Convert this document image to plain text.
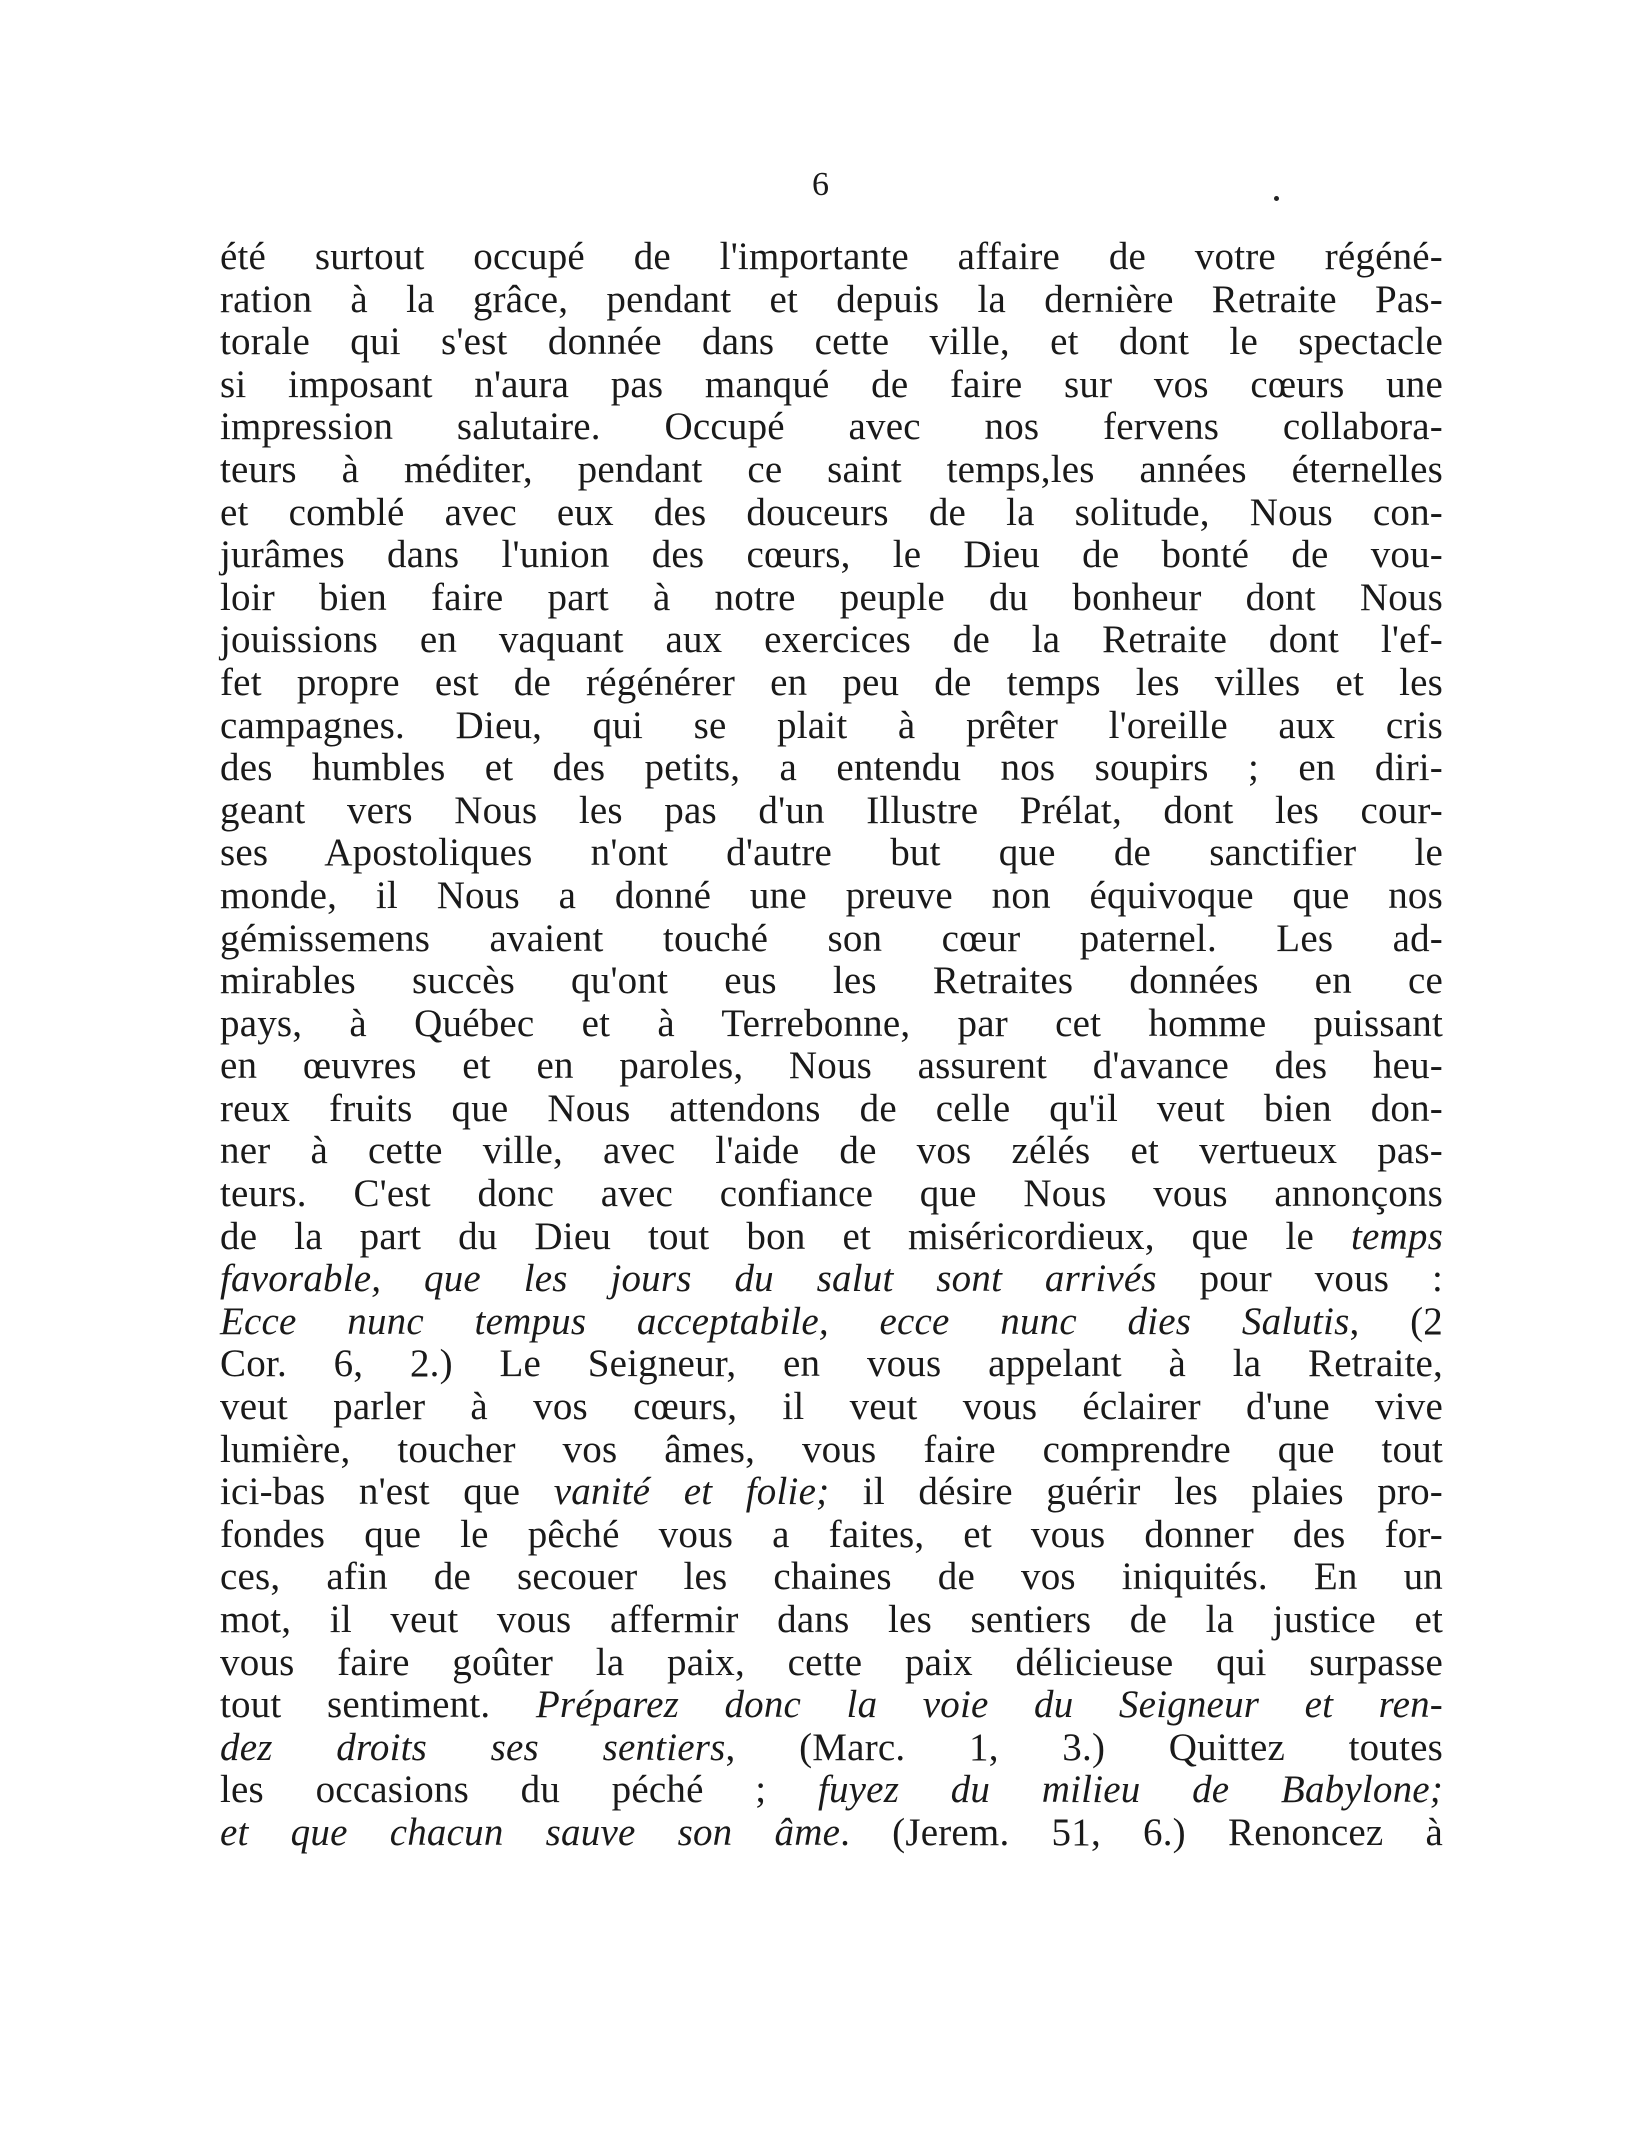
6
été surtout occupé de l'importante affaire de votre régéné-
ration à la grâce, pendant et depuis la dernière Retraite Pas-
torale qui s'est donnée dans cette ville, et dont le spectacle
si imposant n'aura pas manqué de faire sur vos cœurs une
impression salutaire. Occupé avec nos fervens collabora-
teurs à méditer, pendant ce saint temps,les années éternelles
et comblé avec eux des douceurs de la solitude, Nous con-
jurâmes dans l'union des cœurs, le Dieu de bonté de vou-
loir bien faire part à notre peuple du bonheur dont Nous
jouissions en vaquant aux exercices de la Retraite dont l'ef-
fet propre est de régénérer en peu de temps les villes et les
campagnes. Dieu, qui se plait à prêter l'oreille aux cris
des humbles et des petits, a entendu nos soupirs ; en diri-
geant vers Nous les pas d'un Illustre Prélat, dont les cour-
ses Apostoliques n'ont d'autre but que de sanctifier le
monde, il Nous a donné une preuve non équivoque que nos
gémissemens avaient touché son cœur paternel. Les ad-
mirables succès qu'ont eus les Retraites données en ce
pays, à Québec et à Terrebonne, par cet homme puissant
en œuvres et en paroles, Nous assurent d'avance des heu-
reux fruits que Nous attendons de celle qu'il veut bien don-
ner à cette ville, avec l'aide de vos zélés et vertueux pas-
teurs. C'est donc avec confiance que Nous vous annonçons
de la part du Dieu tout bon et miséricordieux, que le temps
favorable, que les jours du salut sont arrivés pour vous :
Ecce nunc tempus acceptabile, ecce nunc dies Salutis, (2
Cor. 6, 2.) Le Seigneur, en vous appelant à la Retraite,
veut parler à vos cœurs, il veut vous éclairer d'une vive
lumière, toucher vos âmes, vous faire comprendre que tout
ici-bas n'est que vanité et folie; il désire guérir les plaies pro-
fondes que le pêché vous a faites, et vous donner des for-
ces, afin de secouer les chaines de vos iniquités. En un
mot, il veut vous affermir dans les sentiers de la justice et
vous faire goûter la paix, cette paix délicieuse qui surpasse
tout sentiment. Préparez donc la voie du Seigneur et ren-
dez droits ses sentiers, (Marc. 1, 3.) Quittez toutes
les occasions du péché ; fuyez du milieu de Babylone;
et que chacun sauve son âme. (Jerem. 51, 6.) Renoncez à
